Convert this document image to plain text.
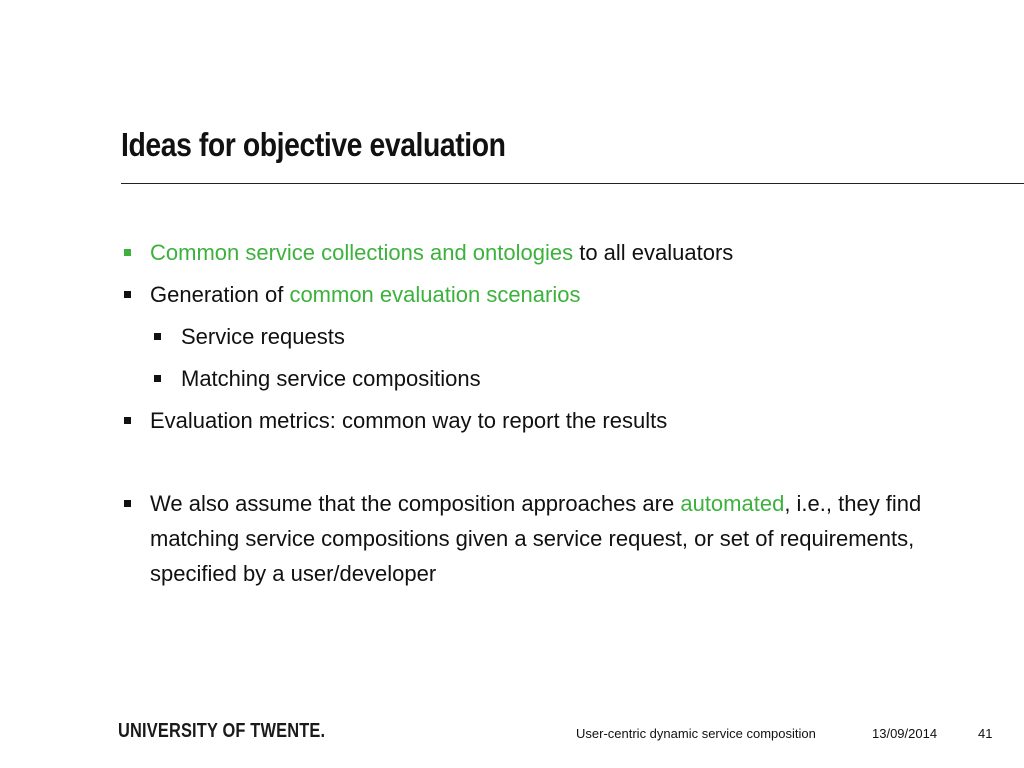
Ideas for objective evaluation
Common service collections and ontologies to all evaluators
Generation of common evaluation scenarios
Service requests
Matching service compositions
Evaluation metrics: common way to report the results
We also assume that the composition approaches are automated, i.e., they find matching service compositions given a service request, or set of requirements, specified by a user/developer
UNIVERSITY OF TWENTE.	User-centric dynamic service composition	13/09/2014	41
